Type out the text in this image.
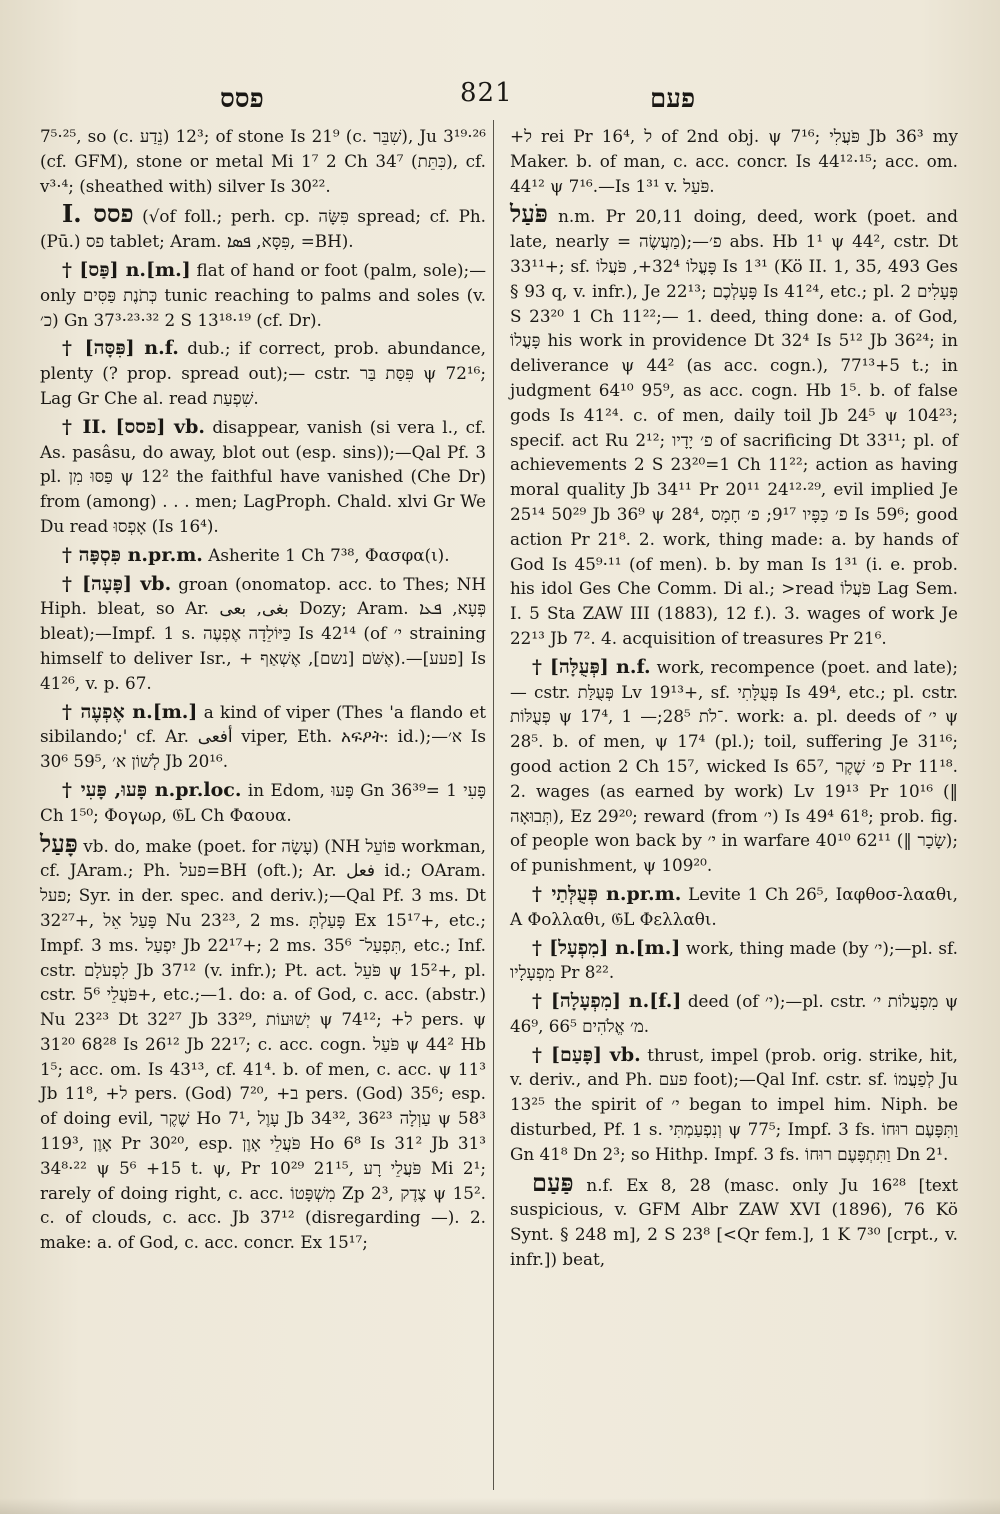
פסס	821	פעם

7⁵·²⁵, so (c. נֵדַע) 12³; of stone Is 21⁹ (c. שִׁבֵּר), Ju 3¹⁹·²⁶ (cf. GFM), stone or metal Mi 1⁷ 2 Ch 34⁷ (כִּתֵּת), cf. v³·⁴; (sheathed with) silver Is 30²².

I. פסס (√of foll.; perh. cp. פִּשָּׂה spread; cf. Ph.(Pū.) פס tablet; Aram. פִּסָּא, ܦܣܐ, =BH).

† [פַּס] n.[m.] flat of hand or foot (palm, sole);—only כְּתֹנֶת פַּסִּים tunic reaching to palms and soles (v. כ׳) Gn 37³·²³·³² 2 S 13¹⁸·¹⁹ (cf. Dr).

† [פִּסָּה] n.f. dub.; if correct, prob. abundance, plenty (? prop. spread out);— cstr. פִּסַּת בַּר ψ 72¹⁶; Lag Gr Che al. read שִׁפְעַת.

† II. [פסס] vb. disappear, vanish (si vera l., cf. As. pasâsu, do away, blot out (esp. sins));—Qal Pf. 3 pl. פַּסּוּ מִן ψ 12² the faithful have vanished (Che Dr) from (among) . . . men; LagProph. Chald. xlvi Gr We Du read אָפְסוּ (Is 16⁴).

† פִּסְפָּה n.pr.m. Asherite 1 Ch 7³⁸, Φασφα(ι).

† [פָּעָה] vb. groan (onomatop. acc. to Thes; NH Hiph. bleat, so Ar. بغى, بعى Dozy; Aram. פְּעָא, ܦܥܐ bleat);—Impf. 1 s. כַּיּוֹלֵדָה אֶפְעֶה Is 42¹⁴ (of י׳ straining himself to deliver Isr., + אֶשֹּׁם [נשם], אֶשְׁאַף).—[פעע] Is 41²⁶, v. p. 67.

† אֶפְעֶה n.[m.] a kind of viper (Thes 'a flando et sibilando;' cf. Ar. أفعى viper, Eth. አፍዖት: id.);—א׳ Is 30⁶ 59⁵, לְשׁוֹן א׳ Jb 20¹⁶.

† פָּעוּ, פָּעִי n.pr.loc. in Edom, פָּעוּ Gn 36³⁹= פָּעִי 1 Ch 1⁵⁰; Φογωρ, 𝔊L Ch Φαουα.

פָּעַל vb. do, make (poet. for עָשָׂה) (NH פּוֹעֵל workman, cf. JAram.; Ph. פעל=BH (oft.); Ar. فعل id.; OAram. פעל; Syr. in der. spec. and deriv.);—Qal Pf. 3 ms. Dt 32²⁷+, פָּעַל אֵל Nu 23²³, 2 ms. פָּעַלְתָּ Ex 15¹⁷+, etc.; Impf. 3 ms. יִפְעַל Jb 22¹⁷+; 2 ms. תִּפְעַל־ 35⁶, etc.; Inf. cstr. לִפְעֹלָם Jb 37¹² (v. infr.); Pt. act. פֹּעֵל ψ 15²+, pl. cstr. פֹּעֲלֵי 5⁶+, etc.;—1. do: a. of God, c. acc. (abstr.) Nu 23²³ Dt 32²⁷ Jb 33²⁹, יְשׁוּעוֹת ψ 74¹²; +ל pers. ψ 31²⁰ 68²⁸ Is 26¹² Jb 22¹⁷; c. acc. cogn. פֹּעַל ψ 44² Hb 1⁵; acc. om. Is 43¹³, cf. 41⁴. b. of men, c. acc. ψ 11³ Jb 11⁸, +ל pers. (God) 7²⁰, +ב pers. (God) 35⁶; esp. of doing evil, שֶׁקֶר Ho 7¹, עָוֶל Jb 34³², עַוְלָה 36²³ ψ 58³ 119³, אָוֶן Pr 30²⁰, esp. פֹּעֲלֵי אָוֶן Ho 6⁸ Is 31² Jb 31³ 34⁸·²² ψ 5⁶ +15 t. ψ, Pr 10²⁹ 21¹⁵, פֹּעֲלֵי רָע Mi 2¹; rarely of doing right, c. acc. מִשְׁפָּטוֹ Zp 2³, צֶדֶק ψ 15². c. of clouds, c. acc. Jb 37¹² (disregarding —). 2. make: a. of God, c. acc. concr. Ex 15¹⁷;

+ל rei Pr 16⁴, ל of 2nd obj. ψ 7¹⁶; פֹּעֲלִי Jb 36³ my Maker. b. of man, c. acc. concr. Is 44¹²·¹⁵; acc. om. 44¹² ψ 7¹⁶.—Is 1³¹ v. פֹּעַל.

פֹּעַל n.m. Pr 20,11 doing, deed, work (poet. and late, nearly = מַעֲשֶׂה);—פ׳ abs. Hb 1¹ ψ 44², cstr. Dt 33¹¹+; sf. פָּעֳלוֹ 32⁴+, פֹּעֲלוֹ Is 1³¹ (Kö II. 1, 35, 493 Ges § 93 q, v. infr.), Je 22¹³; פָּעָלְכֶם Is 41²⁴, etc.; pl. פְּעָלִים 2 S 23²⁰ 1 Ch 11²²;— 1. deed, thing done: a. of God, פָּעֳלוֹ his work in providence Dt 32⁴ Is 5¹² Jb 36²⁴; in deliverance ψ 44² (as acc. cogn.), 77¹³+5 t.; in judgment 64¹⁰ 95⁹, as acc. cogn. Hb 1⁵. b. of false gods Is 41²⁴. c. of men, daily toil Jb 24⁵ ψ 104²³; specif. act Ru 2¹²; פ׳ יָדָיו of sacrificing Dt 33¹¹; pl. of achievements 2 S 23²⁰=1 Ch 11²²; action as having moral quality Jb 34¹¹ Pr 20¹¹ 24¹²·²⁹, evil implied Je 25¹⁴ 50²⁹ Jb 36⁹ ψ 28⁴, פ׳ כַּפָּיו 9¹⁷; פ׳ חָמָס Is 59⁶; good action Pr 21⁸. 2. work, thing made: a. by hands of God Is 45⁹·¹¹ (of men). b. by man Is 1³¹ (i. e. prob. his idol Ges Che Comm. Di al.; >read פֹּעֲלוֹ Lag Sem. I. 5 Sta ZAW III (1883), 12 f.). 3. wages of work Je 22¹³ Jb 7². 4. acquisition of treasures Pr 21⁶.

† [פְּעֻלָּה] n.f. work, recompence (poet. and late);— cstr. פְּעֻלַּת Lv 19¹³+, sf. פְּעֻלָּתִי Is 49⁴, etc.; pl. cstr. פְּעֻלּוֹת ψ 17⁴, ־לֹת 28⁵;— 1. work: a. pl. deeds of י׳ ψ 28⁵. b. of men, ψ 17⁴ (pl.); toil, suffering Je 31¹⁶; good action 2 Ch 15⁷, wicked Is 65⁷, פ׳ שֶׁקֶר Pr 11¹⁸. 2. wages (as earned by work) Lv 19¹³ Pr 10¹⁶ (‖ תְּבוּאָה), Ez 29²⁰; reward (from י׳) Is 49⁴ 61⁸; prob. fig. of people won back by י׳ in warfare 40¹⁰ 62¹¹ (‖ שָׂכָר); of punishment, ψ 109²⁰.

† פְּעֻלְּתַי n.pr.m. Levite 1 Ch 26⁵, Ιαφθοσ-λααθι, Α Φολλαθι, 𝔊L Φελλαθι.

† [מִפְעָל] n.[m.] work, thing made (by י׳);—pl. sf. מִפְעָלָיו Pr 8²².

† [מִפְעָלָה] n.[f.] deed (of י׳);—pl. cstr. מִפְעֲלוֹת י׳ ψ 46⁹, מ׳ אֱלֹהִים 66⁵.

† [פָּעַם] vb. thrust, impel (prob. orig. strike, hit, v. deriv., and Ph. פעם foot);—Qal Inf. cstr. sf. לְפַעֲמוֹ Ju 13²⁵ the spirit of י׳ began to impel him. Niph. be disturbed, Pf. 1 s. וְנִפְעַמְתִּי ψ 77⁵; Impf. 3 fs. וַתִּפָּעֶם רוּחוֹ Gn 41⁸ Dn 2³; so Hithp. Impf. 3 fs. וַתִּתְפָּעֶם רוּחוֹ Dn 2¹.

פַּעַם n.f. Ex 8, 28 (masc. only Ju 16²⁸ [text suspicious, v. GFM Albr ZAW XVI (1896), 76 Kö Synt. § 248 m], 2 S 23⁸ [<Qr fem.], 1 K 7³⁰ [crpt., v. infr.]) beat,
